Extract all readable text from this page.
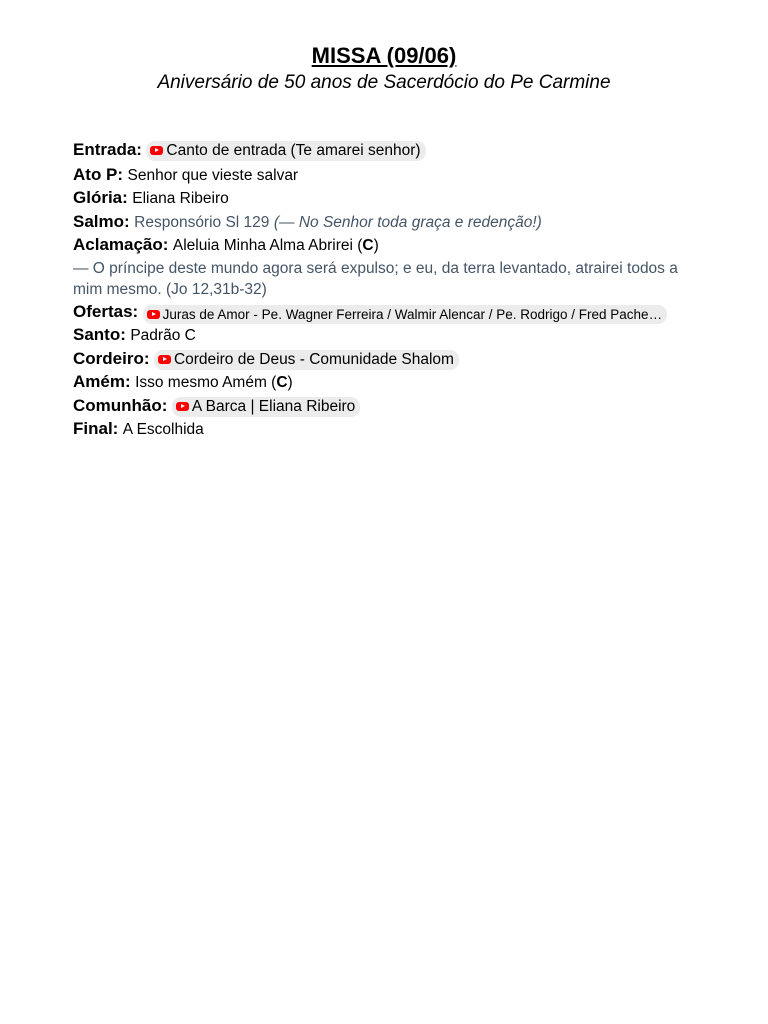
MISSA (09/06)

Aniversário de 50 anos de Sacerdócio do Pe Carmine

Entrada: Canto de entrada (Te amarei senhor)
Ato P: Senhor que vieste salvar
Glória: Eliana Ribeiro
Salmo: Responsório Sl 129 (— No Senhor toda graça e redenção!)
Aclamação: Aleluia Minha Alma Abrirei (C)
— O príncipe deste mundo agora será expulso; e eu, da terra levantado, atrairei todos a mim mesmo. (Jo 12,31b-32)
Ofertas: Juras de Amor - Pe. Wagner Ferreira / Walmir Alencar / Pe. Rodrigo / Fred Pache…
Santo: Padrão C
Cordeiro: Cordeiro de Deus - Comunidade Shalom
Amém: Isso mesmo Amém (C)
Comunhão: A Barca | Eliana Ribeiro
Final: A Escolhida
